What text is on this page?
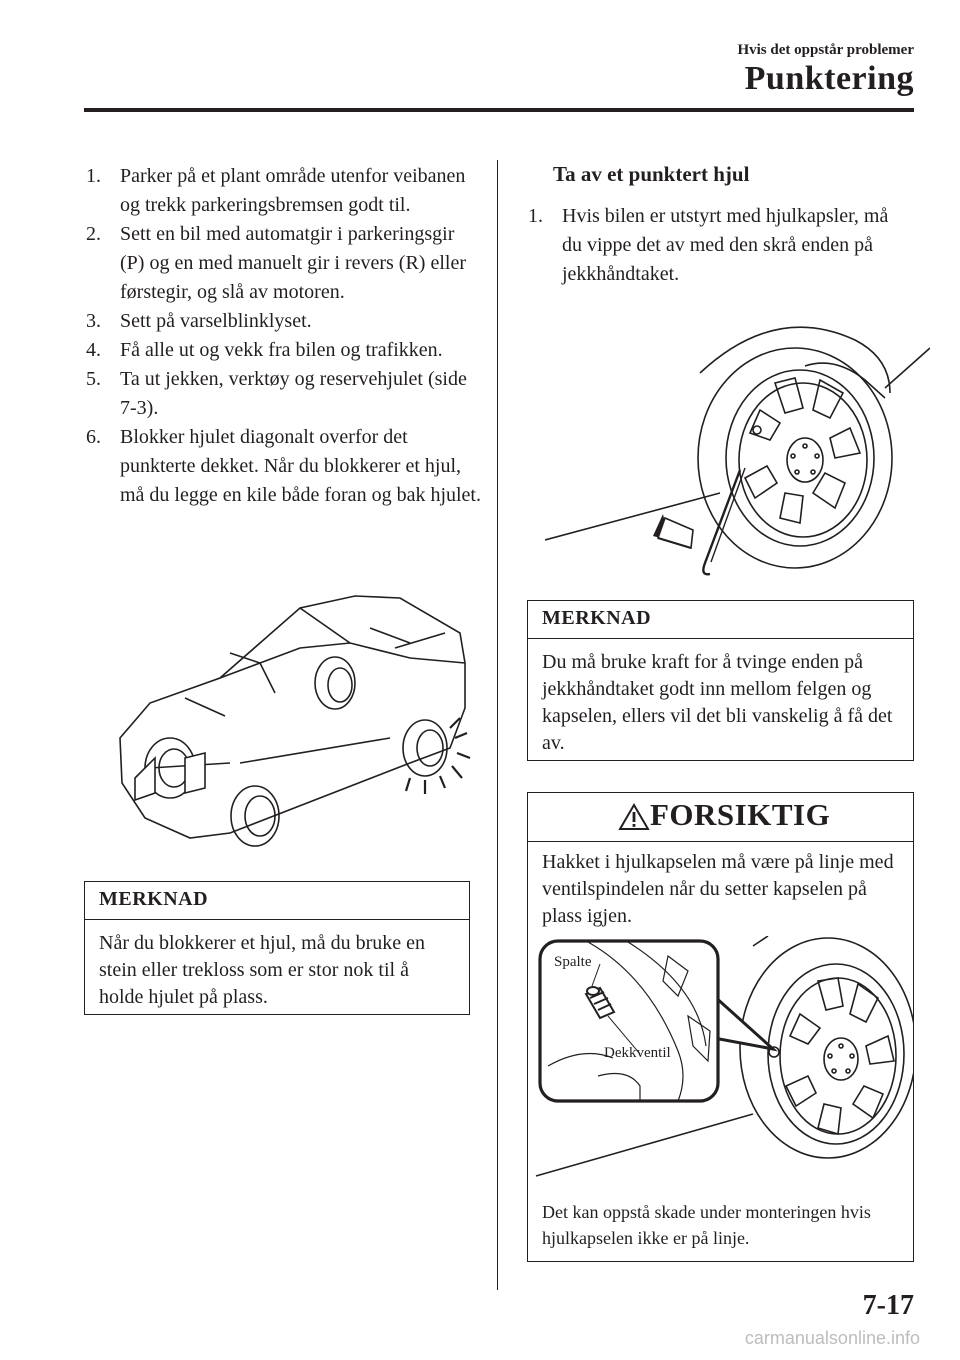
Hvis det oppstår problemer
Punktering
1. Parker på et plant område utenfor veibanen og trekk parkeringsbremsen godt til.
2. Sett en bil med automatgir i parkeringsgir (P) og en med manuelt gir i revers (R) eller førstegir, og slå av motoren.
3. Sett på varselblinklyset.
4. Få alle ut og vekk fra bilen og trafikken.
5. Ta ut jekken, verktøy og reservehjulet (side 7-3).
6. Blokker hjulet diagonalt overfor det punkterte dekket. Når du blokkerer et hjul, må du legge en kile både foran og bak hjulet.
MERKNAD
Når du blokkerer et hjul, må du bruke en stein eller trekloss som er stor nok til å holde hjulet på plass.
Ta av et punktert hjul
1. Hvis bilen er utstyrt med hjulkapsler, må du vippe det av med den skrå enden på jekkhåndtaket.
MERKNAD
Du må bruke kraft for å tvinge enden på jekkhåndtaket godt inn mellom felgen og kapselen, ellers vil det bli vanskelig å få det av.
FORSIKTIG
Hakket i hjulkapselen må være på linje med ventilspindelen når du setter kapselen på plass igjen.
Spalte
Dekkventil
Det kan oppstå skade under monteringen hvis hjulkapselen ikke er på linje.
7-17
carmanualsonline.info
